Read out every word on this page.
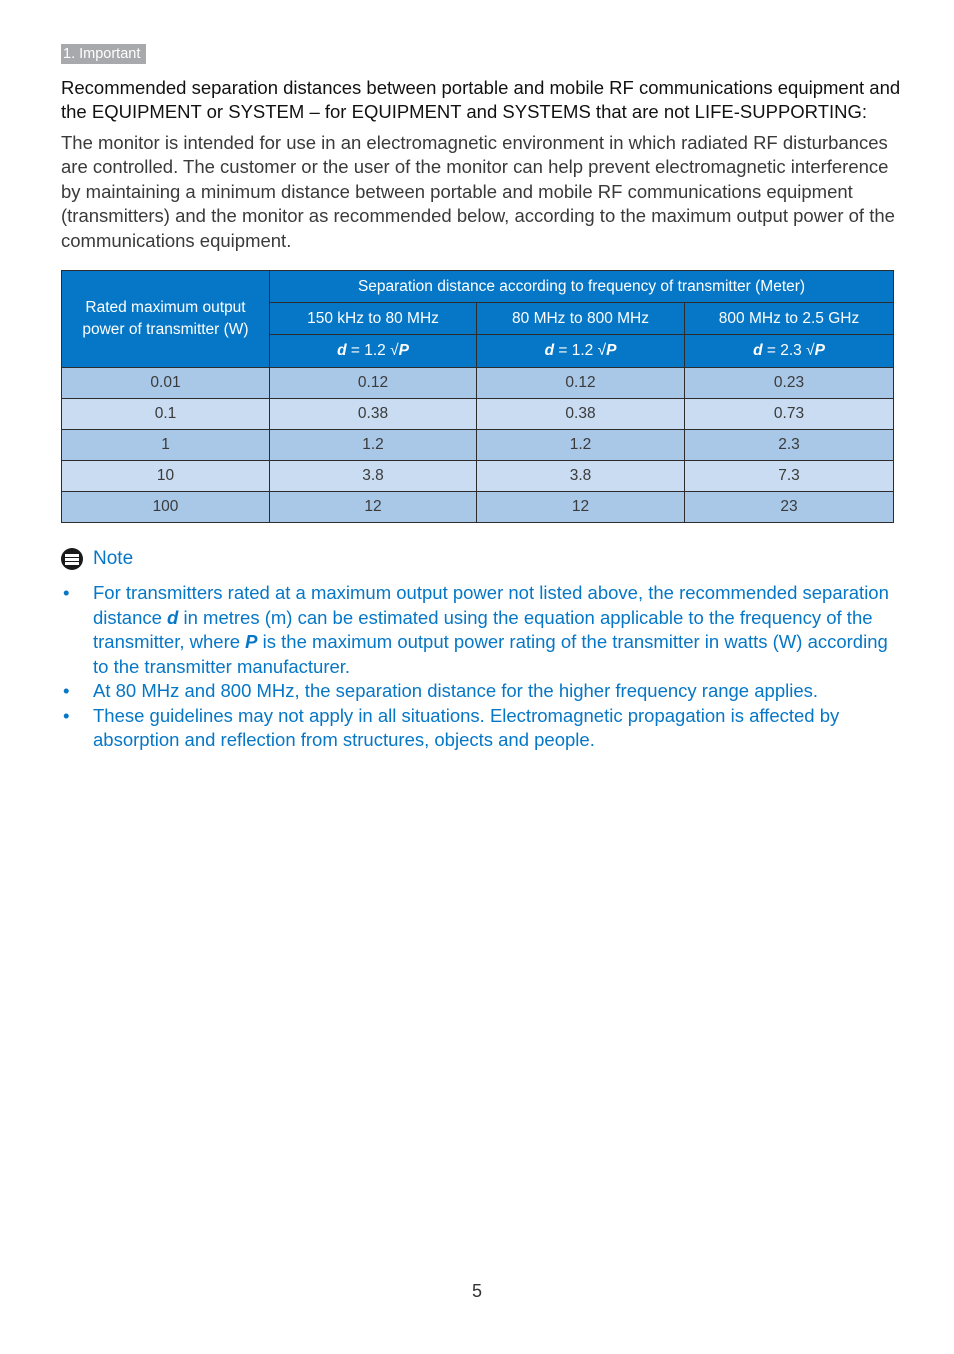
1. Important

Recommended separation distances between portable and mobile RF communications equipment and the EQUIPMENT or SYSTEM – for EQUIPMENT and SYSTEMS that are not LIFE-SUPPORTING:

The monitor is intended for use in an electromagnetic environment in which radiated RF disturbances are controlled. The customer or the user of the monitor can help prevent electromagnetic interference by maintaining a minimum distance between portable and mobile RF communications equipment (transmitters) and the monitor as recommended below, according to the maximum output power of the communications equipment.

Rated maximum output power of transmitter (W)	Separation distance according to frequency of transmitter (Meter)		
	150 kHz to 80 MHz	80 MHz to 800 MHz	800 MHz to 2.5 GHz
	d = 1.2 √P	d = 1.2 √P	d = 2.3 √P
0.01	0.12	0.12	0.23
0.1	0.38	0.38	0.73
1	1.2	1.2	2.3
10	3.8	3.8	7.3
100	12	12	23
Note
• For transmitters rated at a maximum output power not listed above, the recommended separation distance d in metres (m) can be estimated using the equation applicable to the frequency of the transmitter, where P is the maximum output power rating of the transmitter in watts (W) according to the transmitter manufacturer.
• At 80 MHz and 800 MHz, the separation distance for the higher frequency range applies.
• These guidelines may not apply in all situations. Electromagnetic propagation is affected by absorption and reflection from structures, objects and people.
5
